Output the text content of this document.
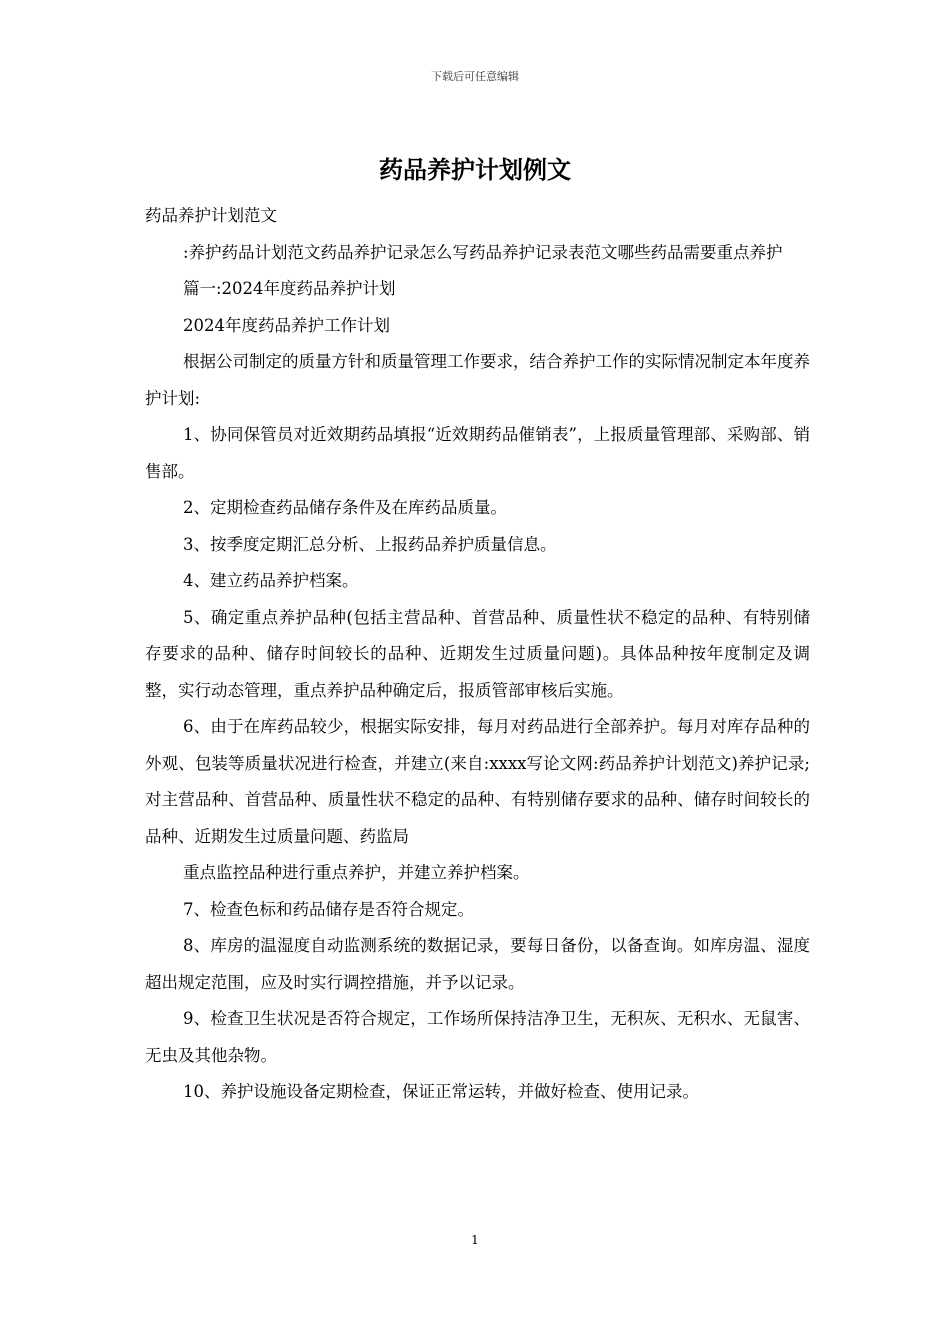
下载后可任意编辑
药品养护计划例文

药品养护计划范文

:养护药品计划范文药品养护记录怎么写药品养护记录表范文哪些药品需要重点养护

篇一:2024年度药品养护计划

2024年度药品养护工作计划

根据公司制定的质量方针和质量管理工作要求，结合养护工作的实际情况制定本年度养护计划:

1、协同保管员对近效期药品填报“近效期药品催销表”，上报质量管理部、采购部、销售部。

2、定期检查药品储存条件及在库药品质量。

3、按季度定期汇总分析、上报药品养护质量信息。

4、建立药品养护档案。

5、确定重点养护品种(包括主营品种、首营品种、质量性状不稳定的品种、有特别储存要求的品种、储存时间较长的品种、近期发生过质量问题)。具体品种按年度制定及调整，实行动态管理，重点养护品种确定后，报质管部审核后实施。

6、由于在库药品较少，根据实际安排，每月对药品进行全部养护。每月对库存品种的外观、包装等质量状况进行检查，并建立(来自:xxxx写论文网:药品养护计划范文)养护记录;对主营品种、首营品种、质量性状不稳定的品种、有特别储存要求的品种、储存时间较长的品种、近期发生过质量问题、药监局

重点监控品种进行重点养护，并建立养护档案。

7、检查色标和药品储存是否符合规定。

8、库房的温湿度自动监测系统的数据记录，要每日备份，以备查询。如库房温、湿度超出规定范围，应及时实行调控措施，并予以记录。

9、检查卫生状况是否符合规定，工作场所保持洁净卫生，无积灰、无积水、无鼠害、无虫及其他杂物。

10、养护设施设备定期检查，保证正常运转，并做好检查、使用记录。

1
